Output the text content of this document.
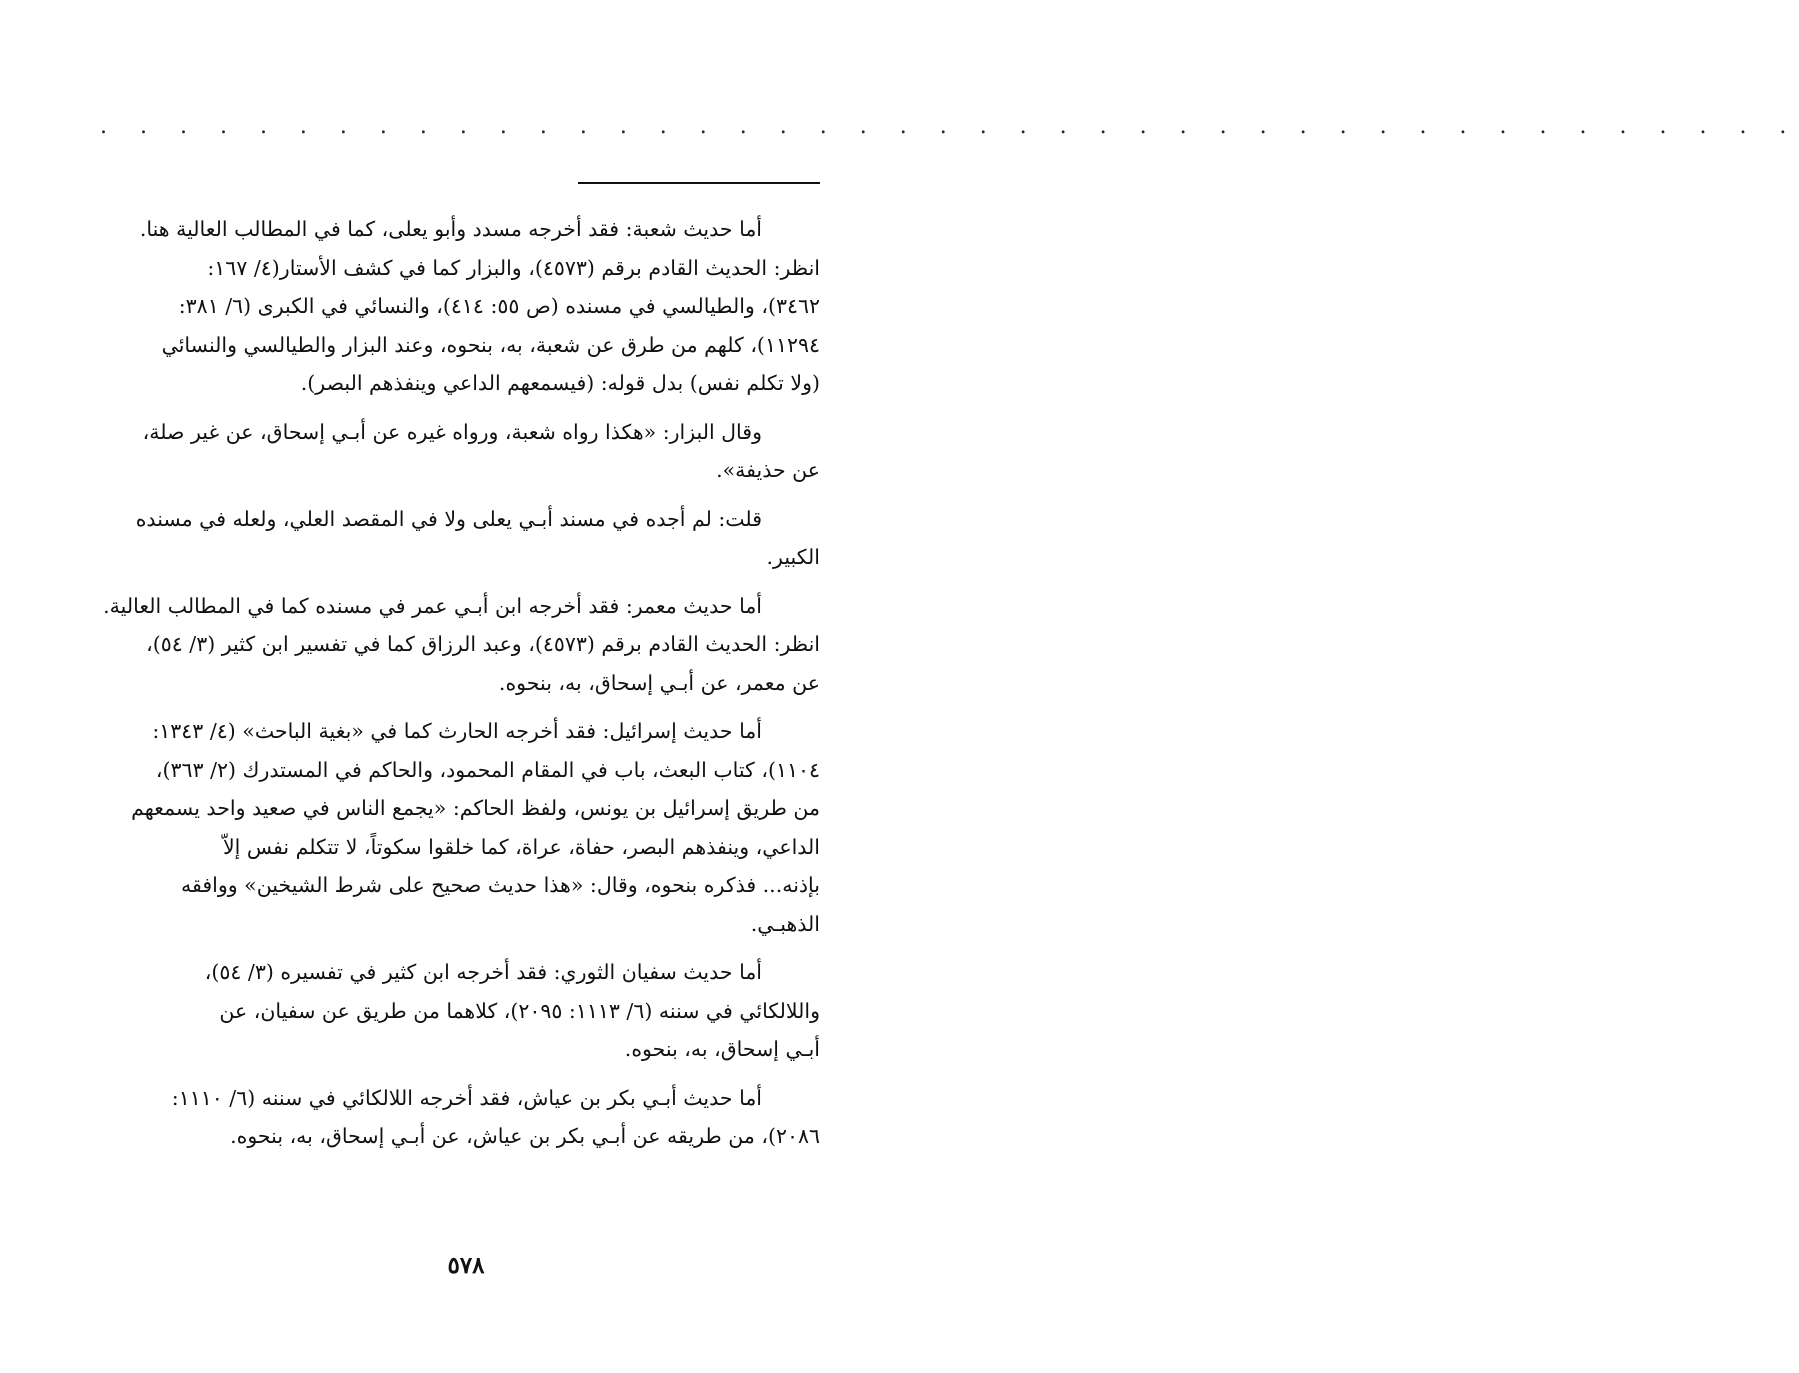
. . . . . . . . . . . . . . . . . . . . . . . . . . . . . . . . . . . . . . . . . . .

أما حديث شعبة: فقد أخرجه مسدد وأبو يعلى، كما في المطالب العالية هنا.
انظر: الحديث القادم برقم (٤٥٧٣)، والبزار كما في كشف الأستار(٤/ ١٦٧:
٣٤٦٢)، والطيالسي في مسنده (ص ٥٥: ٤١٤)، والنسائي في الكبرى (٦/ ٣٨١:
١١٢٩٤)، كلهم من طرق عن شعبة، به، بنحوه، وعند البزار والطيالسي والنسائي
(ولا تكلم نفس) بدل قوله: (فيسمعهم الداعي وينفذهم البصر).

وقال البزار: «هكذا رواه شعبة، ورواه غيره عن أبـي إسحاق، عن غير صلة،
عن حذيفة».

قلت: لم أجده في مسند أبـي يعلى ولا في المقصد العلي، ولعله في مسنده
الكبير.

أما حديث معمر: فقد أخرجه ابن أبـي عمر في مسنده كما في المطالب العالية.
انظر: الحديث القادم برقم (٤٥٧٣)، وعبد الرزاق كما في تفسير ابن كثير (٣/ ٥٤)،
عن معمر، عن أبـي إسحاق، به، بنحوه.

أما حديث إسرائيل: فقد أخرجه الحارث كما في «بغية الباحث» (٤/ ١٣٤٣:
١١٠٤)، كتاب البعث، باب في المقام المحمود، والحاكم في المستدرك (٢/ ٣٦٣)،
من طريق إسرائيل بن يونس، ولفظ الحاكم: «يجمع الناس في صعيد واحد يسمعهم
الداعي، وينفذهم البصر، حفاة، عراة، كما خلقوا سكوتاً، لا تتكلم نفس إلاّ
بإذنه... فذكره بنحوه، وقال: «هذا حديث صحيح على شرط الشيخين» ووافقه
الذهبـي.

أما حديث سفيان الثوري: فقد أخرجه ابن كثير في تفسيره (٣/ ٥٤)،
واللالكائي في سننه (٦/ ١١١٣: ٢٠٩٥)، كلاهما من طريق عن سفيان، عن
أبـي إسحاق، به، بنحوه.

أما حديث أبـي بكر بن عياش، فقد أخرجه اللالكائي في سننه (٦/ ١١١٠:
٢٠٨٦)، من طريقه عن أبـي بكر بن عياش، عن أبـي إسحاق، به، بنحوه.

٥٧٨
